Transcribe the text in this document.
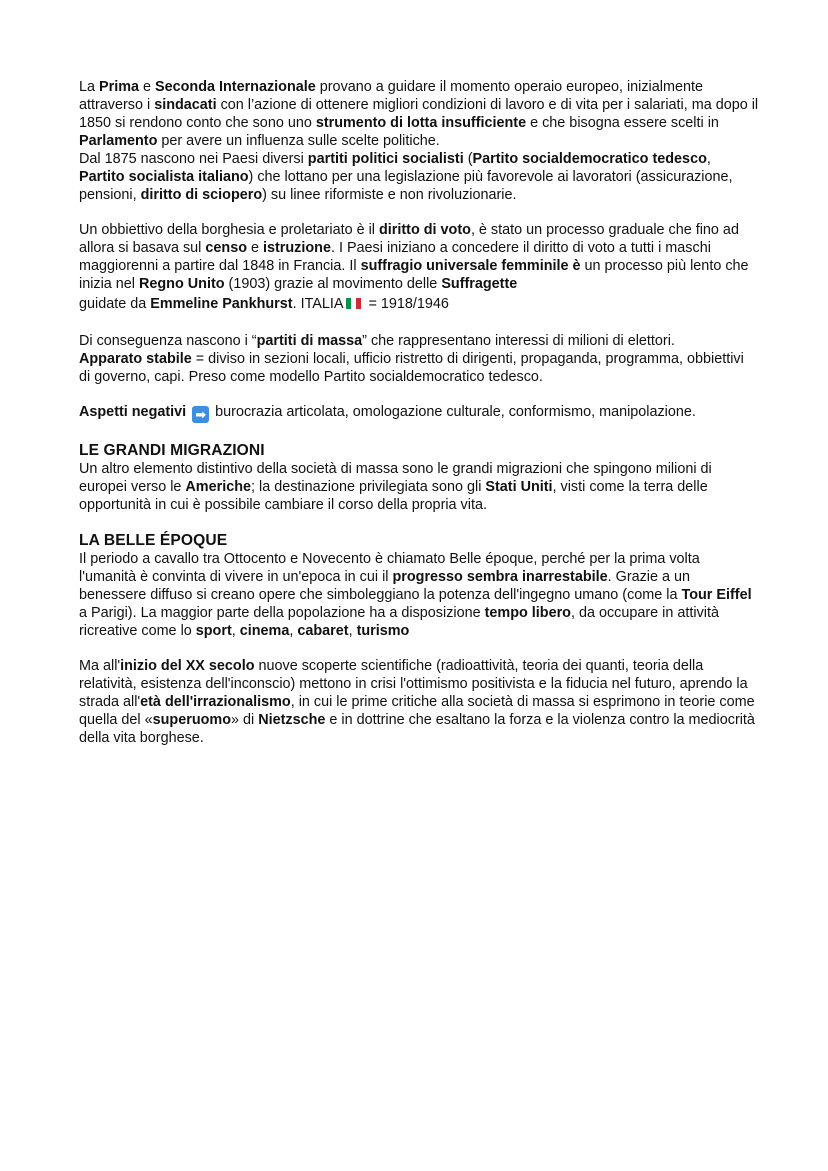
La Prima e Seconda Internazionale provano a guidare il momento operaio europeo, inizialmente attraverso i sindacati con l’azione di ottenere migliori condizioni di lavoro e di vita per i salariati, ma dopo il 1850 si rendono conto che sono uno strumento di lotta insufficiente e che bisogna essere scelti in Parlamento per avere un influenza sulle scelte politiche.

Dal 1875 nascono nei Paesi diversi partiti politici socialisti (Partito socialdemocratico tedesco, Partito socialista italiano) che lottano per una legislazione più favorevole ai lavoratori (assicurazione, pensioni, diritto di sciopero) su linee riformiste e non rivoluzionarie.

Un obbiettivo della borghesia e proletariato è il diritto di voto, è stato un processo graduale che fino ad allora si basava sul censo e istruzione. I Paesi iniziano a concedere il diritto di voto a tutti i maschi maggiorenni a partire dal 1848 in Francia. Il suffragio universale femminile è un processo più lento che inizia nel Regno Unito (1903) grazie al movimento delle Suffragette
guidate da Emmeline Pankhurst. ITALIA
= 1918/1946

Di conseguenza nascono i “partiti di massa” che rappresentano interessi di milioni di elettori.

Apparato stabile = diviso in sezioni locali, ufficio ristretto di dirigenti, propaganda, programma, obbiettivi di governo, capi. Preso come modello Partito socialdemocratico tedesco.

Aspetti negativi ➡ burocrazia articolata, omologazione culturale, conformismo, manipolazione.

LE GRANDI MIGRAZIONI

Un altro elemento distintivo della società di massa sono le grandi migrazioni che spingono milioni di europei verso le Americhe; la destinazione privilegiata sono gli Stati Uniti, visti come la terra delle opportunità in cui è possibile cambiare il corso della propria vita.

LA BELLE ÉPOQUE

Il periodo a cavallo tra Ottocento e Novecento è chiamato Belle époque, perché per la prima volta l'umanità è convinta di vivere in un'epoca in cui il progresso sembra inarrestabile. Grazie a un benessere diffuso si creano opere che simboleggiano la potenza dell'ingegno umano (come la Tour Eiffel a Parigi). La maggior parte della popolazione ha a disposizione tempo libero, da occupare in attività ricreative come lo sport, cinema, cabaret, turismo

Ma all'inizio del XX secolo nuove scoperte scientifiche (radioattività, teoria dei quanti, teoria della relatività, esistenza dell'inconscio) mettono in crisi l'ottimismo positivista e la fiducia nel futuro, aprendo la strada all'età dell'irrazionalismo, in cui le prime critiche alla società di massa si esprimono in teorie come quella del «superuomo» di Nietzsche e in dottrine che esaltano la forza e la violenza contro la mediocrità della vita borghese.
